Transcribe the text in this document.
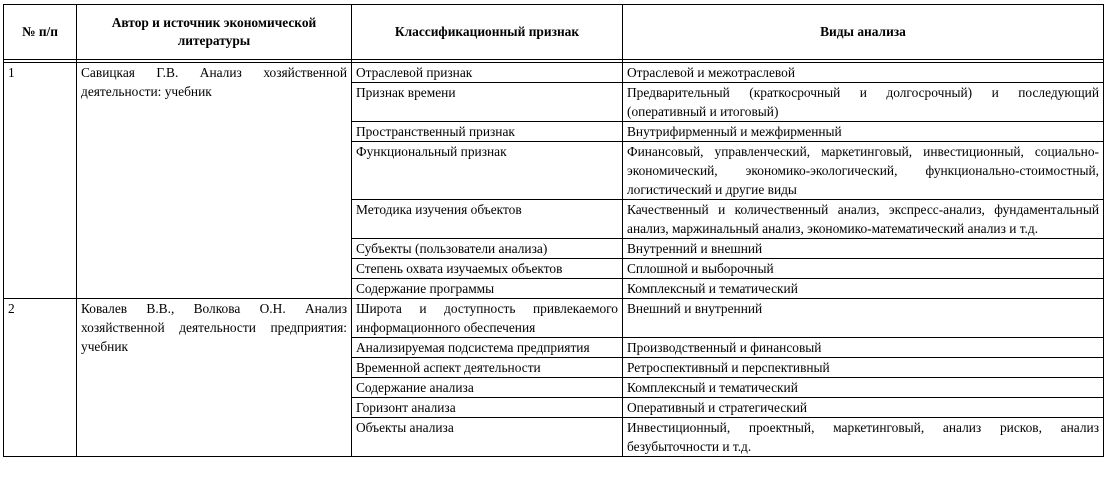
№ п/п	Автор и источник экономической литературы	Классификационный признак	Виды анализа

1	Савицкая Г.В. Анализ хозяйственной деятельности: учебник	Отраслевой признак	Отраслевой и межотраслевой
		Признак времени	Предварительный (краткосрочный и долгосрочный) и последующий (оперативный и итоговый)
		Пространственный признак	Внутрифирменный и межфирменный
		Функциональный признак	Финансовый, управленческий, маркетинговый, инвестиционный, социально-экономический, экономико-экологический, функционально-стоимостный, логистический и другие виды
		Методика изучения объектов	Качественный и количественный анализ, экспресс-анализ, фундаментальный анализ, маржинальный анализ, экономико-математический анализ и т.д.
		Субъекты (пользователи анализа)	Внутренний и внешний
		Степень охвата изучаемых объектов	Сплошной и выборочный
		Содержание программы	Комплексный и тематический
2	Ковалев В.В., Волкова О.Н. Анализ хозяйственной деятельности предприятия: учебник	Широта и доступность привлекаемого информационного обеспечения	Внешний и внутренний
		Анализируемая подсистема предприятия	Производственный и финансовый
		Временной аспект деятельности	Ретроспективный и перспективный
		Содержание анализа	Комплексный и тематический
		Горизонт анализа	Оперативный и стратегический
		Объекты анализа	Инвестиционный, проектный, маркетинговый, анализ рисков, анализ безубыточности и т.д.
